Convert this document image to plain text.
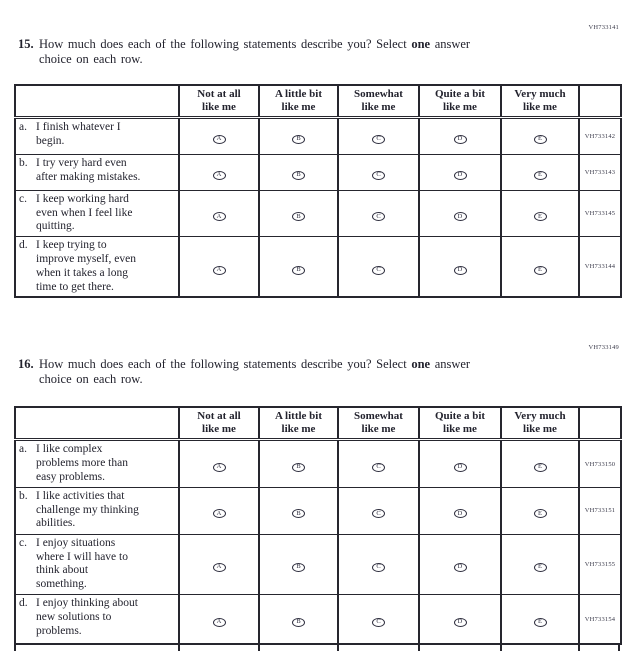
VH733141
15. How much does each of the following statements describe you? Select one answer
choice on each row.

Not at all
like me

A little bit
like me

Somewhat
like me

Quite a bit
like me

Very much
like me

a. I finish whatever I
begin.	A	B	C	D	E	VH733142

b. I try very hard even
after making mistakes.	A	B	C	D	E	VH733143

c. I keep working hard
even when I feel like
quitting.	A	B	C	D	E	VH733145

d. I keep trying to
improve myself, even
when it takes a long
time to get there.	A	B	C	D	E	VH733144
VH733149
16. How much does each of the following statements describe you? Select one answer
choice on each row.

Not at all
like me

A little bit
like me

Somewhat
like me

Quite a bit
like me

Very much
like me

a. I like complex
problems more than
easy problems.	A	B	C	D	E	VH733150

b. I like activities that
challenge my thinking
abilities.	A	B	C	D	E	VH733151

c. I enjoy situations
where I will have to
think about
something.	A	B	C	D	E	VH733155

d. I enjoy thinking about
new solutions to
problems.	A	B	C	D	E	VH733154
